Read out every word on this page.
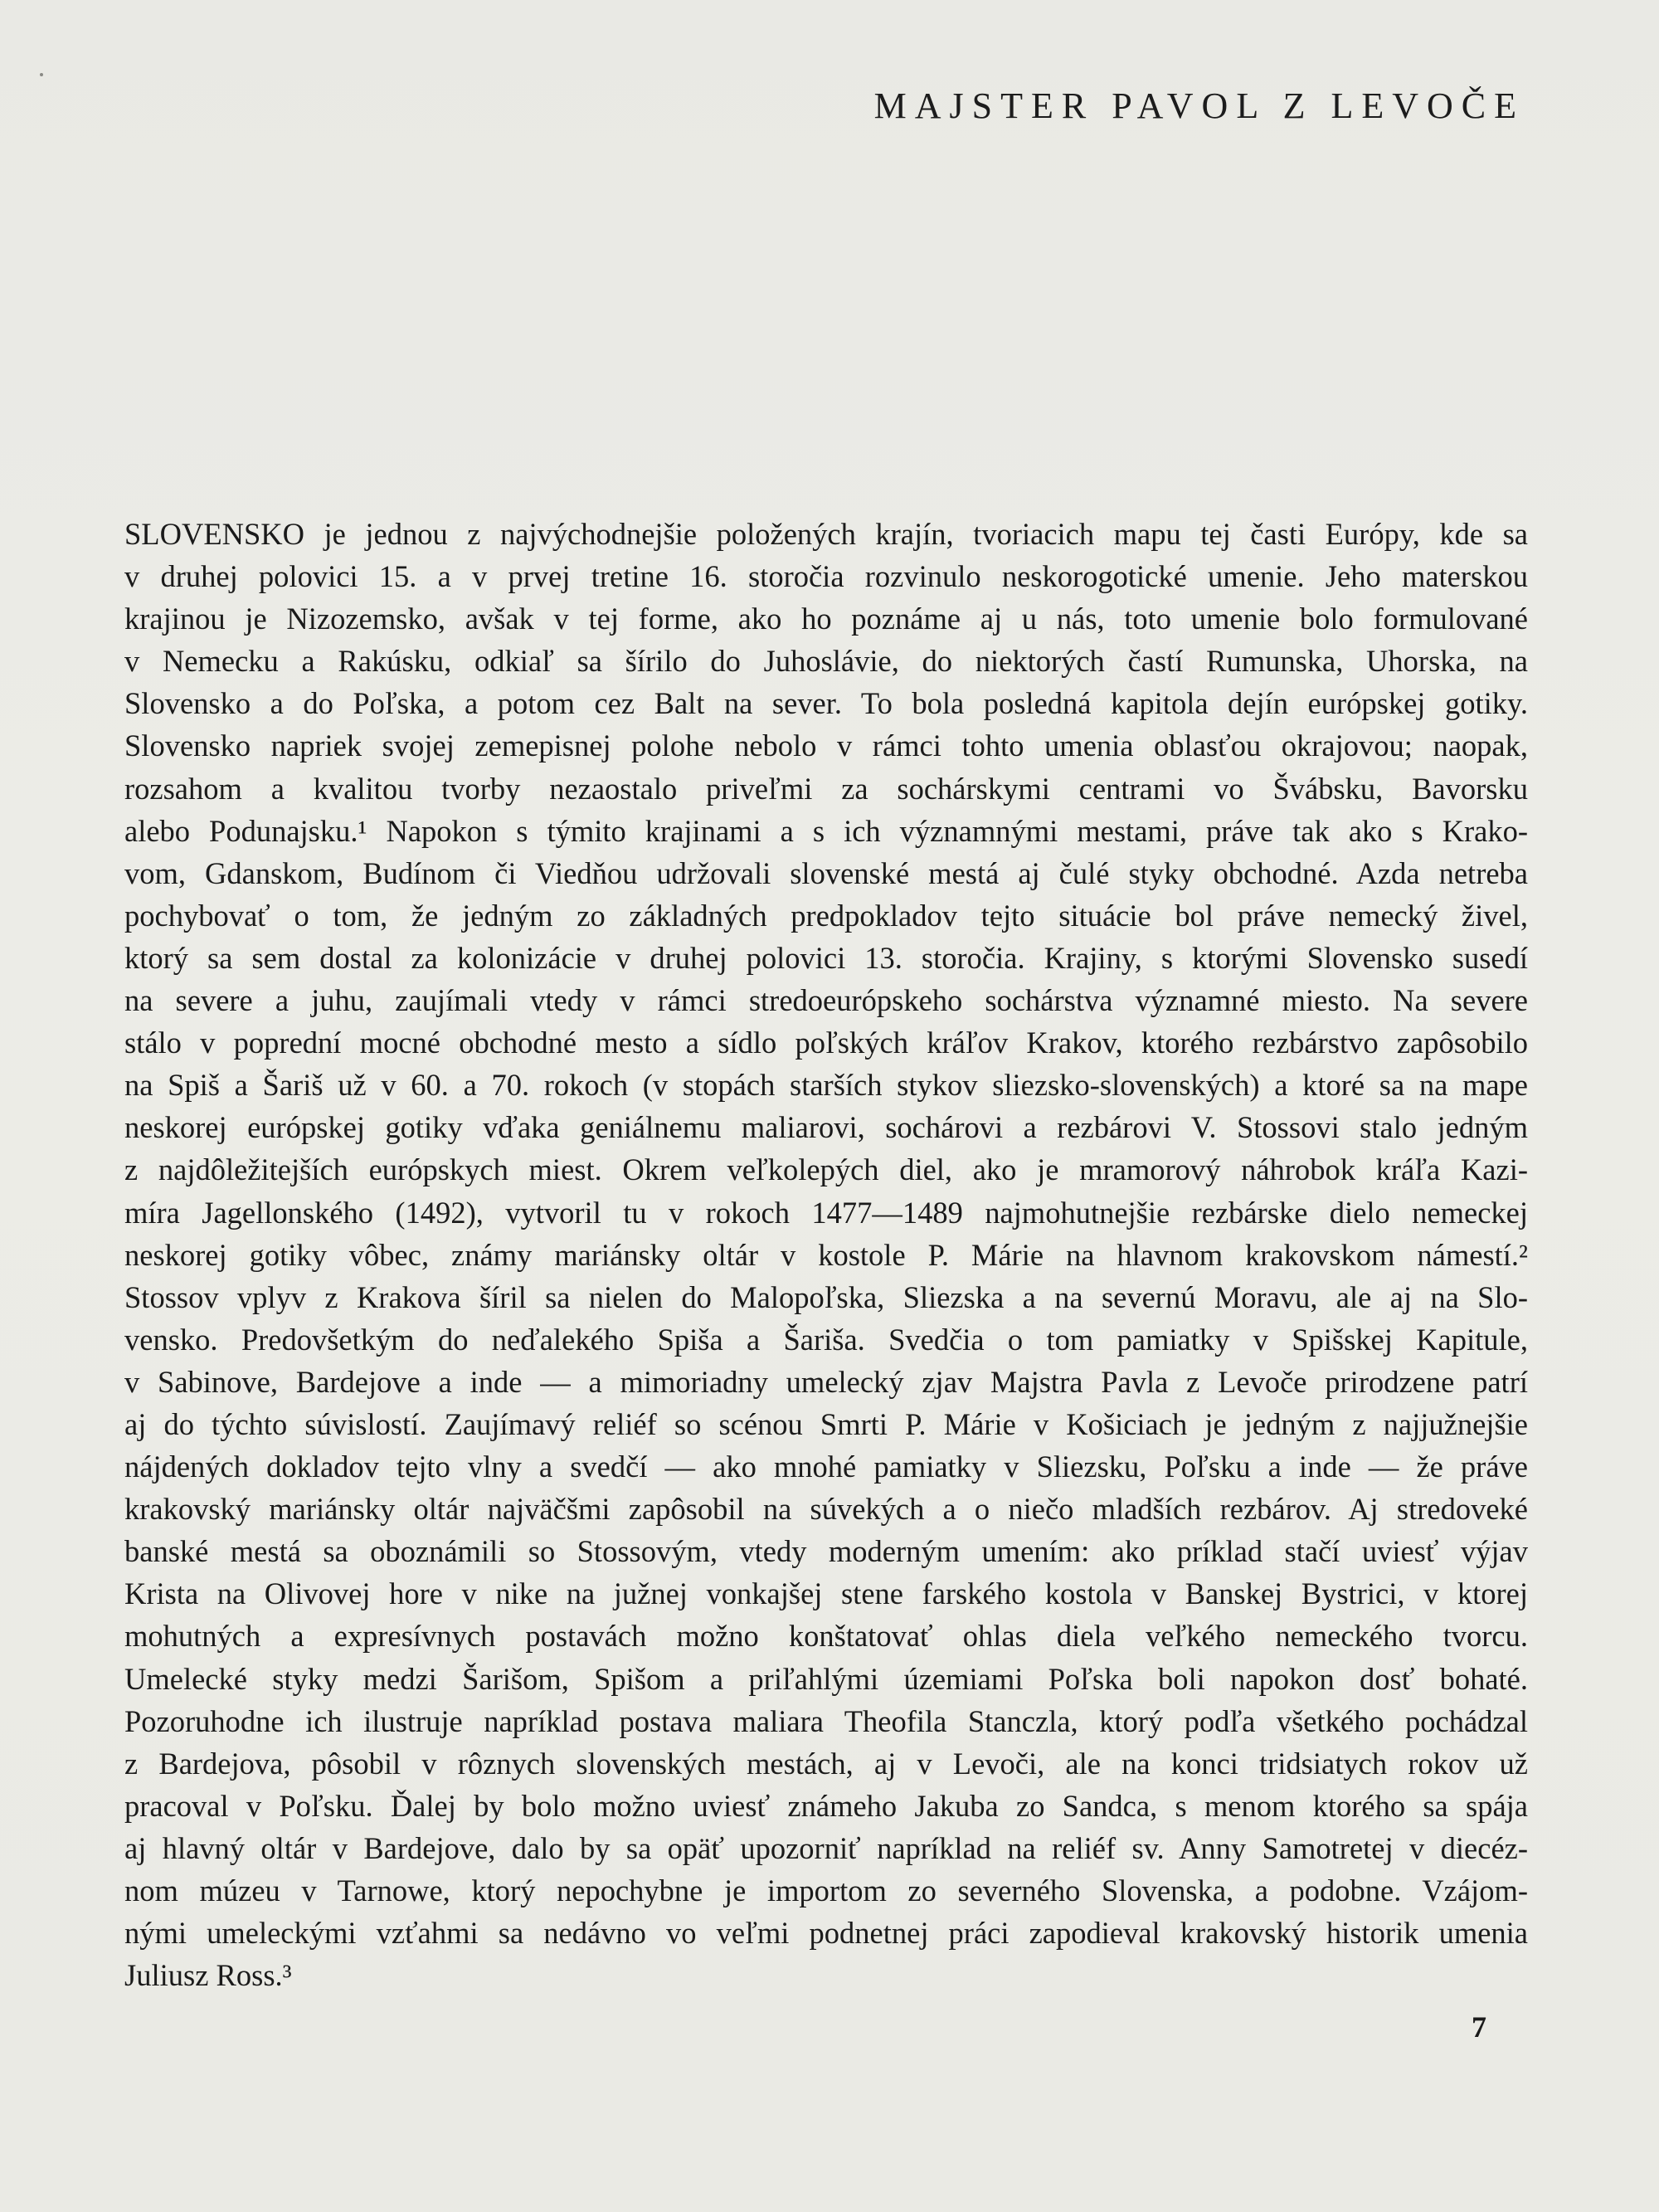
MAJSTER PAVOL Z LEVOČE
SLOVENSKO je jednou z najvýchodnejšie položených krajín, tvoriacich mapu tej časti Európy, kde sa
v druhej polovici 15. a v prvej tretine 16. storočia rozvinulo neskorogotické umenie. Jeho materskou
krajinou je Nizozemsko, avšak v tej forme, ako ho poznáme aj u nás, toto umenie bolo formulované
v Nemecku a Rakúsku, odkiaľ sa šírilo do Juhoslávie, do niektorých častí Rumunska, Uhorska, na
Slovensko a do Poľska, a potom cez Balt na sever. To bola posledná kapitola dejín európskej gotiky.
Slovensko napriek svojej zemepisnej polohe nebolo v rámci tohto umenia oblasťou okrajovou; naopak,
rozsahom a kvalitou tvorby nezaostalo priveľmi za sochárskymi centrami vo Švábsku, Bavorsku
alebo Podunajsku.¹ Napokon s týmito krajinami a s ich významnými mestami, práve tak ako s Krako-
vom, Gdanskom, Budínom či Viedňou udržovali slovenské mestá aj čulé styky obchodné. Azda netreba
pochybovať o tom, že jedným zo základných predpokladov tejto situácie bol práve nemecký živel,
ktorý sa sem dostal za kolonizácie v druhej polovici 13. storočia. Krajiny, s ktorými Slovensko susedí
na severe a juhu, zaujímali vtedy v rámci stredoeurópskeho sochárstva významné miesto. Na severe
stálo v poprední mocné obchodné mesto a sídlo poľských kráľov Krakov, ktorého rezbárstvo zapôsobilo
na Spiš a Šariš už v 60. a 70. rokoch (v stopách starších stykov sliezsko-slovenských) a ktoré sa na mape
neskorej európskej gotiky vďaka geniálnemu maliarovi, sochárovi a rezbárovi V. Stossovi stalo jedným
z najdôležitejších európskych miest. Okrem veľkolepých diel, ako je mramorový náhrobok kráľa Kazi-
míra Jagellonského (1492), vytvoril tu v rokoch 1477—1489 najmohutnejšie rezbárske dielo nemeckej
neskorej gotiky vôbec, známy mariánsky oltár v kostole P. Márie na hlavnom krakovskom námestí.²
Stossov vplyv z Krakova šíril sa nielen do Malopoľska, Sliezska a na severnú Moravu, ale aj na Slo-
vensko. Predovšetkým do neďalekého Spiša a Šariša. Svedčia o tom pamiatky v Spišskej Kapitule,
v Sabinove, Bardejove a inde — a mimoriadny umelecký zjav Majstra Pavla z Levoče prirodzene patrí
aj do týchto súvislostí. Zaujímavý reliéf so scénou Smrti P. Márie v Košiciach je jedným z najjužnejšie
nájdených dokladov tejto vlny a svedčí — ako mnohé pamiatky v Sliezsku, Poľsku a inde — že práve
krakovský mariánsky oltár najväčšmi zapôsobil na súvekých a o niečo mladších rezbárov. Aj stredoveké
banské mestá sa oboznámili so Stossovým, vtedy moderným umením: ako príklad stačí uviesť výjav
Krista na Olivovej hore v nike na južnej vonkajšej stene farského kostola v Banskej Bystrici, v ktorej
mohutných a expresívnych postavách možno konštatovať ohlas diela veľkého nemeckého tvorcu.
Umelecké styky medzi Šarišom, Spišom a priľahlými územiami Poľska boli napokon dosť bohaté.
Pozoruhodne ich ilustruje napríklad postava maliara Theofila Stanczla, ktorý podľa všetkého pochádzal
z Bardejova, pôsobil v rôznych slovenských mestách, aj v Levoči, ale na konci tridsiatych rokov už
pracoval v Poľsku. Ďalej by bolo možno uviesť známeho Jakuba zo Sandca, s menom ktorého sa spája
aj hlavný oltár v Bardejove, dalo by sa opäť upozorniť napríklad na reliéf sv. Anny Samotretej v diecéz-
nom múzeu v Tarnowe, ktorý nepochybne je importom zo severného Slovenska, a podobne. Vzájom-
nými umeleckými vzťahmi sa nedávno vo veľmi podnetnej práci zapodieval krakovský historik umenia
Juliusz Ross.³
7
